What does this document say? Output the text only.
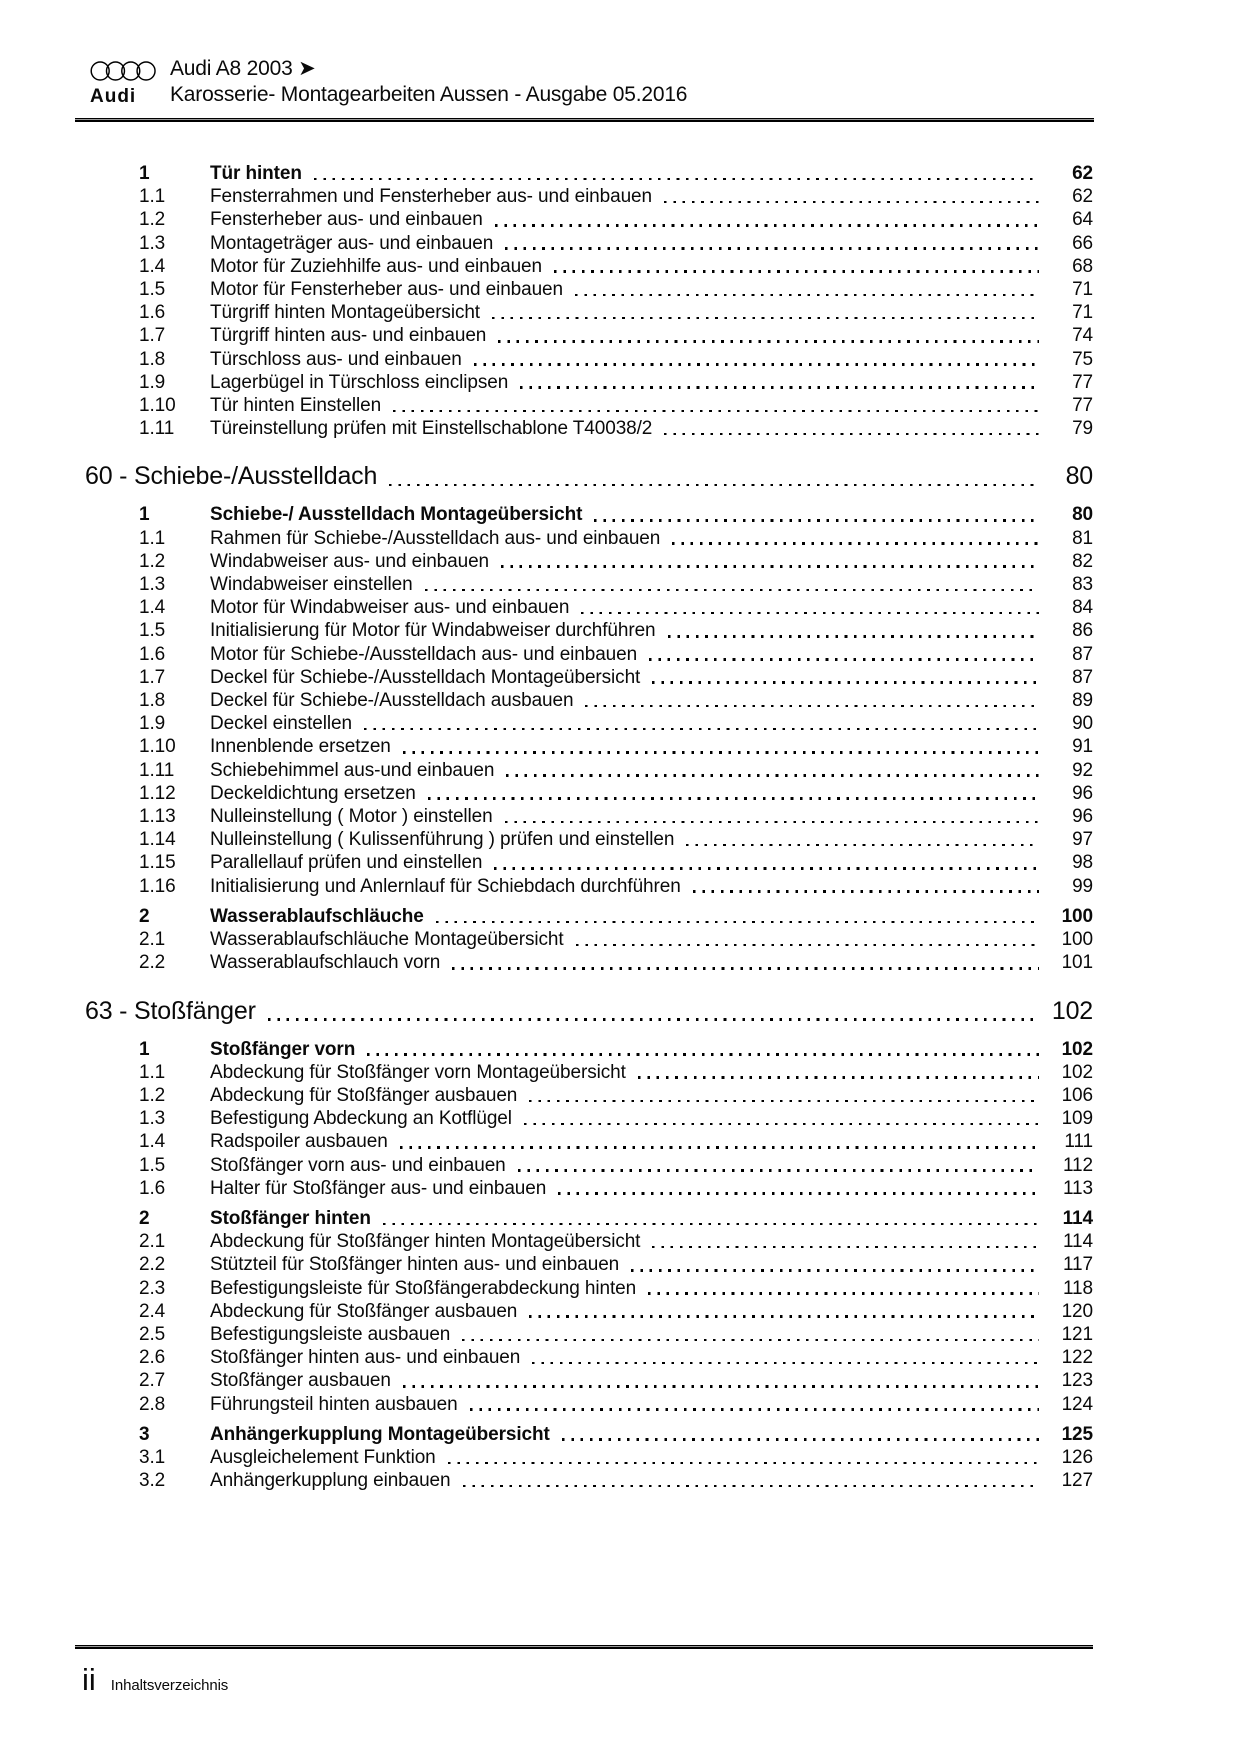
Audi
Audi A8 2003 ➤
Karosserie- Montagearbeiten Aussen - Ausgabe 05.2016
1	Tür hinten	62
1.1	Fensterrahmen und Fensterheber aus- und einbauen	62
1.2	Fensterheber aus- und einbauen	64
1.3	Montageträger aus- und einbauen	66
1.4	Motor für Zuziehhilfe aus- und einbauen	68
1.5	Motor für Fensterheber aus- und einbauen	71
1.6	Türgriff hinten Montageübersicht	71
1.7	Türgriff hinten aus- und einbauen	74
1.8	Türschloss aus- und einbauen	75
1.9	Lagerbügel in Türschloss einclipsen	77
1.10	Tür hinten Einstellen	77
1.11	Türeinstellung prüfen mit Einstellschablone T40038/2	79
60 - Schiebe-/Ausstelldach	80
1	Schiebe-/ Ausstelldach Montageübersicht	80
1.1	Rahmen für Schiebe-/Ausstelldach aus- und einbauen	81
1.2	Windabweiser aus- und einbauen	82
1.3	Windabweiser einstellen	83
1.4	Motor für Windabweiser aus- und einbauen	84
1.5	Initialisierung für Motor für Windabweiser durchführen	86
1.6	Motor für Schiebe-/Ausstelldach aus- und einbauen	87
1.7	Deckel für Schiebe-/Ausstelldach Montageübersicht	87
1.8	Deckel für Schiebe-/Ausstelldach ausbauen	89
1.9	Deckel einstellen	90
1.10	Innenblende ersetzen	91
1.11	Schiebehimmel aus-und einbauen	92
1.12	Deckeldichtung ersetzen	96
1.13	Nulleinstellung ( Motor ) einstellen	96
1.14	Nulleinstellung ( Kulissenführung ) prüfen und einstellen	97
1.15	Parallellauf prüfen und einstellen	98
1.16	Initialisierung und Anlernlauf für Schiebdach durchführen	99
2	Wasserablaufschläuche	100
2.1	Wasserablaufschläuche Montageübersicht	100
2.2	Wasserablaufschlauch vorn	101
63 - Stoßfänger	102
1	Stoßfänger vorn	102
1.1	Abdeckung für Stoßfänger vorn Montageübersicht	102
1.2	Abdeckung für Stoßfänger ausbauen	106
1.3	Befestigung Abdeckung an Kotflügel	109
1.4	Radspoiler ausbauen	111
1.5	Stoßfänger vorn aus- und einbauen	112
1.6	Halter für Stoßfänger aus- und einbauen	113
2	Stoßfänger hinten	114
2.1	Abdeckung für Stoßfänger hinten Montageübersicht	114
2.2	Stützteil für Stoßfänger hinten aus- und einbauen	117
2.3	Befestigungsleiste für Stoßfängerabdeckung hinten	118
2.4	Abdeckung für Stoßfänger ausbauen	120
2.5	Befestigungsleiste ausbauen	121
2.6	Stoßfänger hinten aus- und einbauen	122
2.7	Stoßfänger ausbauen	123
2.8	Führungsteil hinten ausbauen	124
3	Anhängerkupplung Montageübersicht	125
3.1	Ausgleichelement Funktion	126
3.2	Anhängerkupplung einbauen	127
ii Inhaltsverzeichnis
